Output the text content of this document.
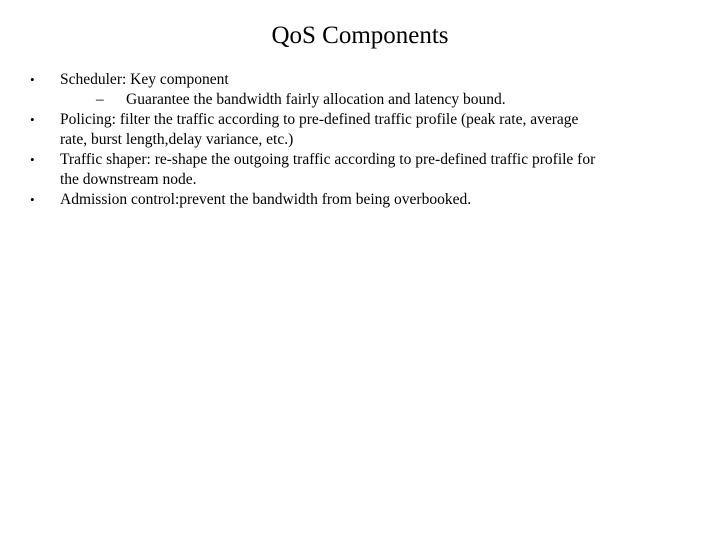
QoS Components
•	Scheduler: Key component
–	Guarantee the bandwidth fairly allocation and latency bound.
•	Policing: filter the traffic according to pre-defined traffic profile (peak rate, average
rate, burst length,delay variance, etc.)
•	Traffic shaper: re-shape the outgoing traffic according to pre-defined traffic profile for
the downstream node.
•	Admission control:prevent the bandwidth from being overbooked.
